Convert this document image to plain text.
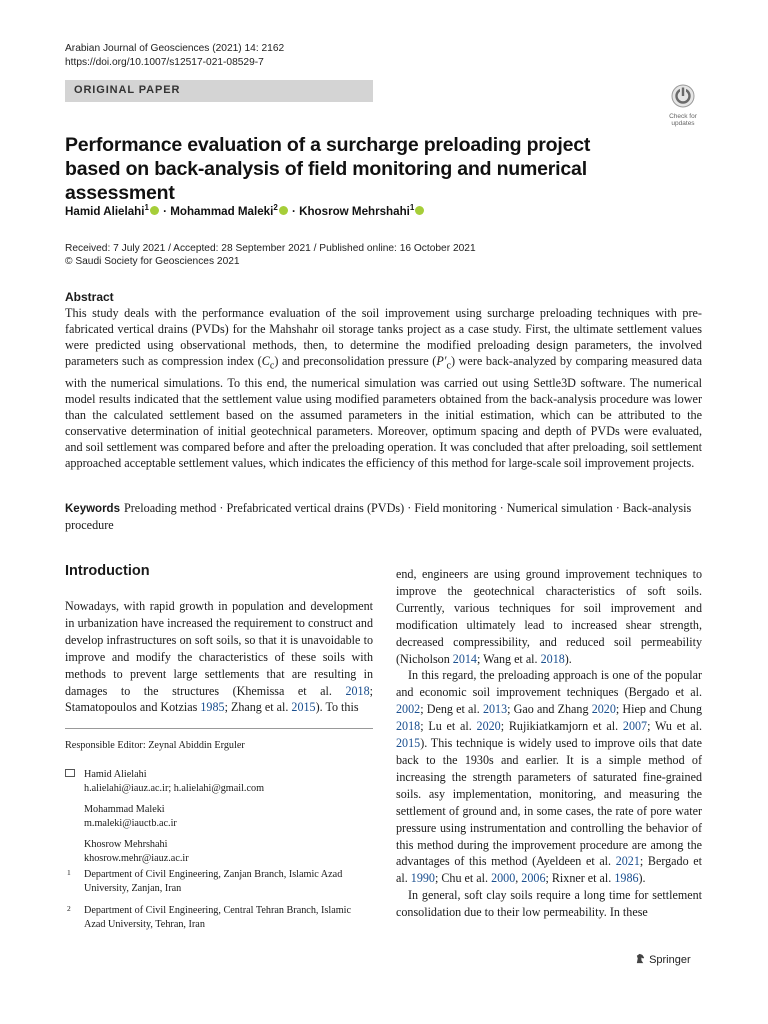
Arabian Journal of Geosciences (2021) 14: 2162
https://doi.org/10.1007/s12517-021-08529-7
ORIGINAL PAPER
Check for updates
Performance evaluation of a surcharge preloading project based on back-analysis of field monitoring and numerical assessment
Hamid Alielahi$^1$ · Mohammad Maleki$^2$ · Khosrow Mehrshahi$^1$
Received: 7 July 2021 / Accepted: 28 September 2021 / Published online: 16 October 2021
© Saudi Society for Geosciences 2021
Abstract
This study deals with the performance evaluation of the soil improvement using surcharge preloading techniques with pre-fabricated vertical drains (PVDs) for the Mahshahr oil storage tanks project as a case study. First, the ultimate settlement values were predicted using observational methods, then, to determine the modified preloading design parameters, the involved parameters such as compression index $(C_c)$ and preconsolidation pressure $(P'_c)$ were back-analyzed by comparing measured data with the numerical simulations. To this end, the numerical simulation was carried out using Settle3D software. The numerical model results indicated that the settlement value using modified parameters obtained from the back-analysis procedure was lower than the calculated settlement based on the assumed parameters in the initial estimation, which can be attributed to the conservative determination of initial geotechnical parameters. Moreover, optimum spacing and depth of PVDs were evaluated, and soil settlement was compared before and after the preloading operation. It was concluded that after preloading, soil settlement approached acceptable settlement values, which indicates the efficiency of this method for large-scale soil improvement projects.
Keywords Preloading method · Prefabricated vertical drains (PVDs) · Field monitoring · Numerical simulation · Back-analysis procedure
Introduction

Nowadays, with rapid growth in population and development in urbanization have increased the requirement to construct and develop infrastructures on soft soils, so that it is unavoidable to improve and modify the characteristics of these soils with methods to prevent large settlements that are resulting in damages to the structures (Khemissa et al. 2018; Stamatopoulos and Kotzias 1985; Zhang et al. 2015). To this

Responsible Editor: Zeynal Abiddin Erguler
Hamid Alielahi
h.alielahi@iauz.ac.ir; h.alielahi@gmail.com
Mohammad Maleki
m.maleki@iauctb.ac.ir
Khosrow Mehrshahi
khosrow.mehr@iauz.ac.ir
1 Department of Civil Engineering, Zanjan Branch, Islamic Azad University, Zanjan, Iran
2 Department of Civil Engineering, Central Tehran Branch, Islamic Azad University, Tehran, Iran

end, engineers are using ground improvement techniques to improve the geotechnical characteristics of soft soils. Currently, various techniques for soil improvement and modification ultimately lead to increased shear strength, decreased compressibility, and reduced soil permeability (Nicholson 2014; Wang et al. 2018).

In this regard, the preloading approach is one of the popular and economic soil improvement techniques (Bergado et al. 2002; Deng et al. 2013; Gao and Zhang 2020; Hiep and Chung 2018; Lu et al. 2020; Rujikiatkamjorn et al. 2007; Wu et al. 2015). This technique is widely used to improve oils that date back to the 1930s and earlier. It is a simple method of increasing the strength parameters of saturated fine-grained soils. asy implementation, monitoring, and measuring the settlement of ground and, in some cases, the rate of pore water pressure using instrumentation and controlling the behavior of this method during the improvement procedure are among the advantages of this method (Ayeldeen et al. 2021; Bergado et al. 1990; Chu et al. 2000, 2006; Rixner et al. 1986).

In general, soft clay soils require a long time for settlement consolidation due to their low permeability. In these

Springer
